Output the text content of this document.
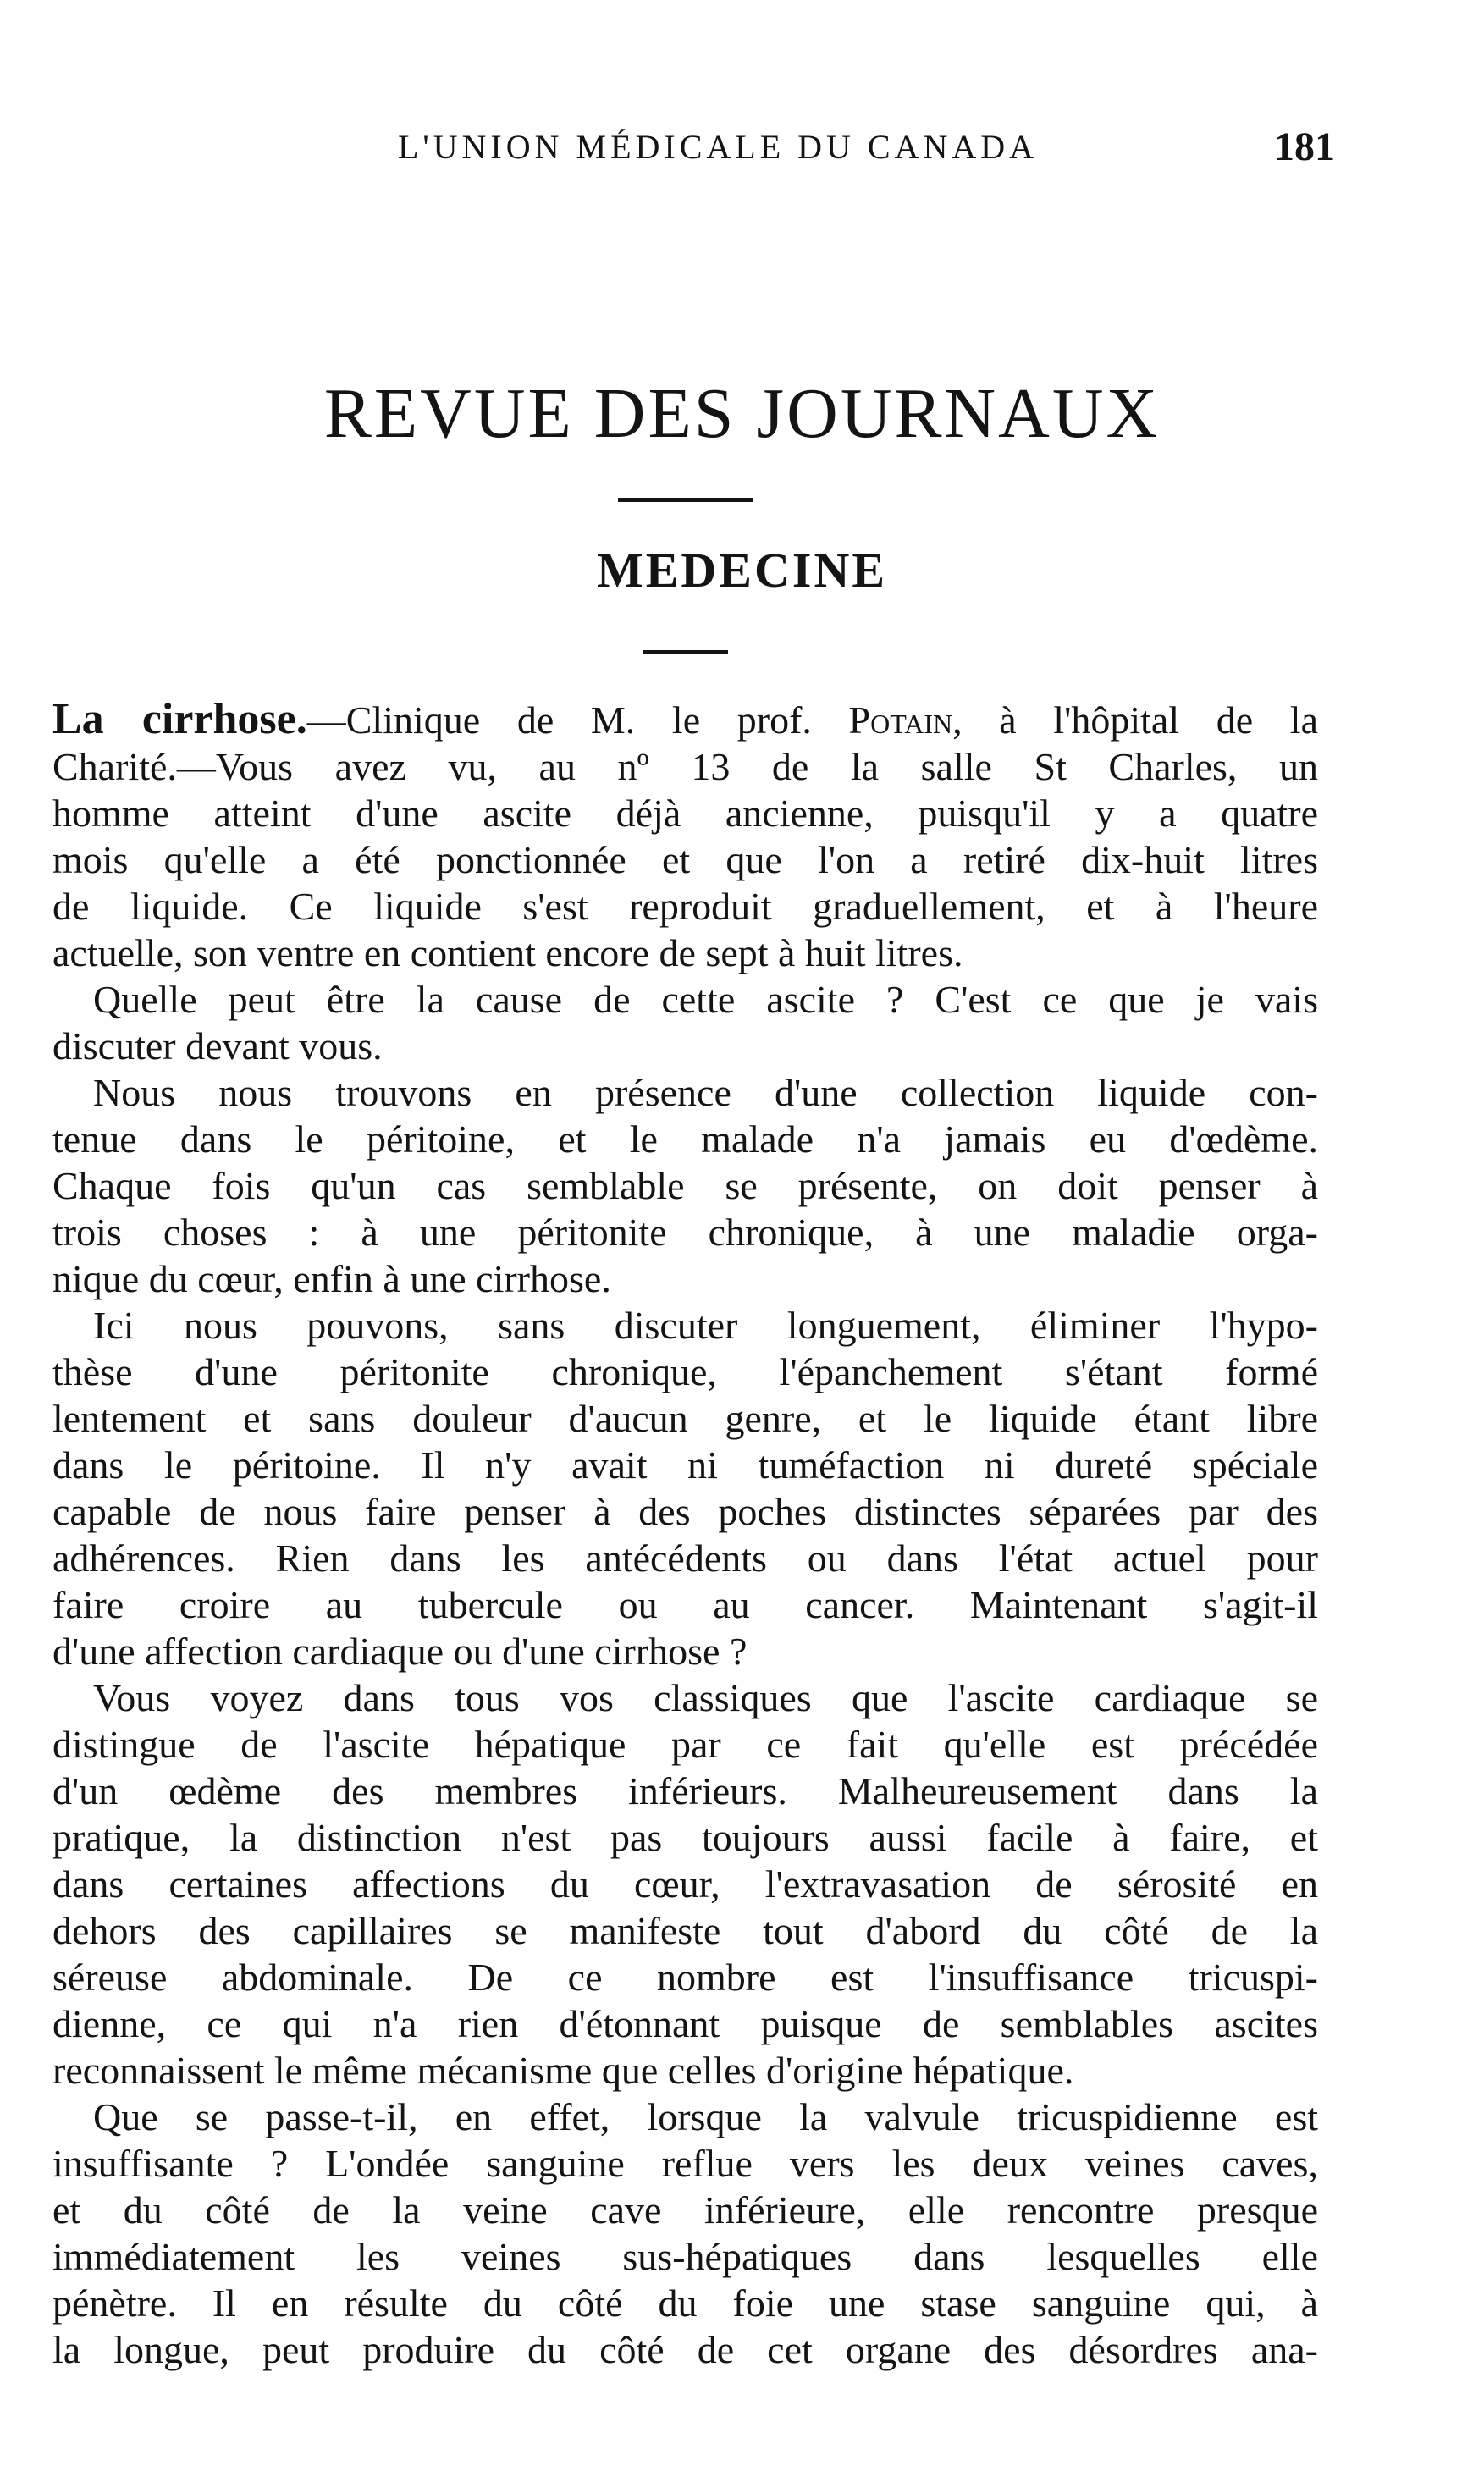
L'UNION MÉDICALE DU CANADA	181
REVUE DES JOURNAUX
MEDECINE
La cirrhose.—Clinique de M. le prof. Potain, à l'hôpital de la
Charité.—Vous avez vu, au nº 13 de la salle St Charles, un
homme atteint d'une ascite déjà ancienne, puisqu'il y a quatre
mois qu'elle a été ponctionnée et que l'on a retiré dix-huit litres
de liquide. Ce liquide s'est reproduit graduellement, et à l'heure
actuelle, son ventre en contient encore de sept à huit litres.
Quelle peut être la cause de cette ascite ? C'est ce que je vais
discuter devant vous.
Nous nous trouvons en présence d'une collection liquide con-
tenue dans le péritoine, et le malade n'a jamais eu d'œdème.
Chaque fois qu'un cas semblable se présente, on doit penser à
trois choses : à une péritonite chronique, à une maladie orga-
nique du cœur, enfin à une cirrhose.
Ici nous pouvons, sans discuter longuement, éliminer l'hypo-
thèse d'une péritonite chronique, l'épanchement s'étant formé
lentement et sans douleur d'aucun genre, et le liquide étant libre
dans le péritoine. Il n'y avait ni tuméfaction ni dureté spéciale
capable de nous faire penser à des poches distinctes séparées par des
adhérences. Rien dans les antécédents ou dans l'état actuel pour
faire croire au tubercule ou au cancer. Maintenant s'agit-il
d'une affection cardiaque ou d'une cirrhose ?
Vous voyez dans tous vos classiques que l'ascite cardiaque se
distingue de l'ascite hépatique par ce fait qu'elle est précédée
d'un œdème des membres inférieurs. Malheureusement dans la
pratique, la distinction n'est pas toujours aussi facile à faire, et
dans certaines affections du cœur, l'extravasation de sérosité en
dehors des capillaires se manifeste tout d'abord du côté de la
séreuse abdominale. De ce nombre est l'insuffisance tricuspi-
dienne, ce qui n'a rien d'étonnant puisque de semblables ascites
reconnaissent le même mécanisme que celles d'origine hépatique.
Que se passe-t-il, en effet, lorsque la valvule tricuspidienne est
insuffisante ? L'ondée sanguine reflue vers les deux veines caves,
et du côté de la veine cave inférieure, elle rencontre presque
immédiatement les veines sus-hépatiques dans lesquelles elle
pénètre. Il en résulte du côté du foie une stase sanguine qui, à
la longue, peut produire du côté de cet organe des désordres ana-
